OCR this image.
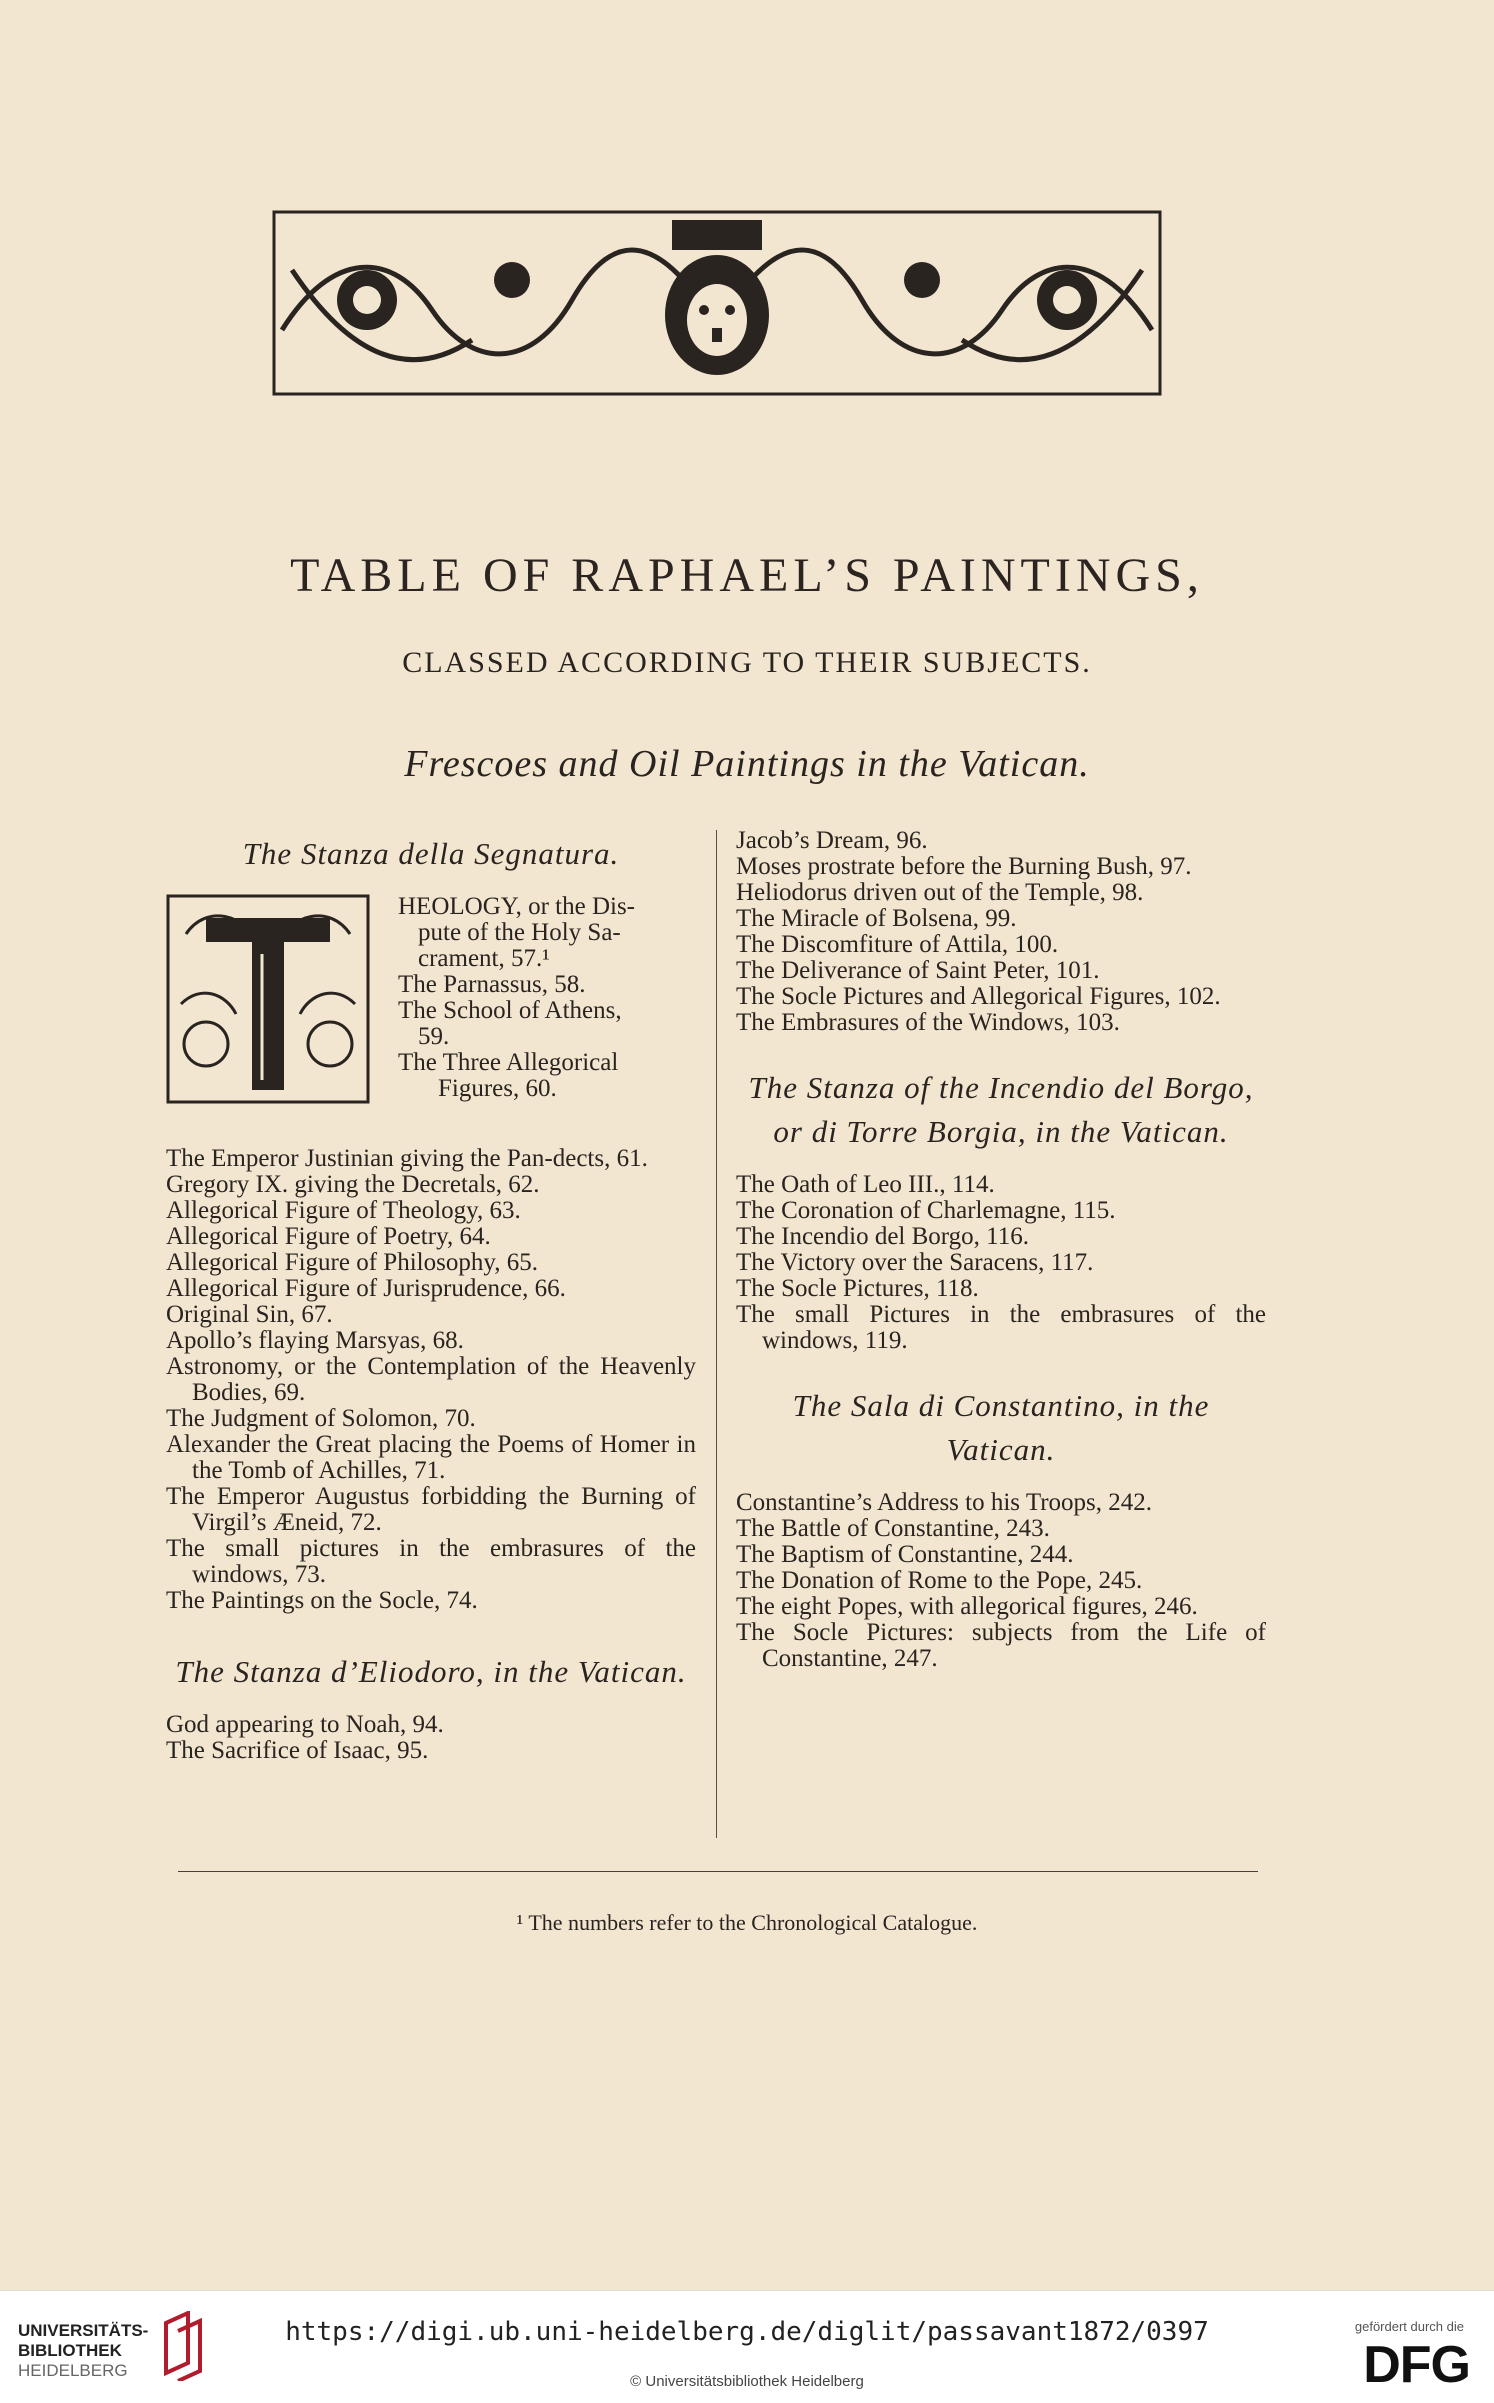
TABLE OF RAPHAEL’S PAINTINGS,
CLASSED ACCORDING TO THEIR SUBJECTS.
Frescoes and Oil Paintings in the Vatican.
The Stanza della Segnatura.
HEOLOGY, or the Dis-
pute of the Holy Sa-
crament, 57.¹
The Parnassus, 58.
The School of Athens,
59.
The Three Allegorical
Figures, 60.

The Emperor Justinian giving the Pan-dects, 61.

Gregory IX. giving the Decretals, 62.

Allegorical Figure of Theology, 63.

Allegorical Figure of Poetry, 64.

Allegorical Figure of Philosophy, 65.

Allegorical Figure of Jurisprudence, 66.

Original Sin, 67.

Apollo’s flaying Marsyas, 68.

Astronomy, or the Contemplation of the Heavenly Bodies, 69.

The Judgment of Solomon, 70.

Alexander the Great placing the Poems of Homer in the Tomb of Achilles, 71.

The Emperor Augustus forbidding the Burning of Virgil’s Æneid, 72.

The small pictures in the embrasures of the windows, 73.

The Paintings on the Socle, 74.

The Stanza d’Eliodoro, in the Vatican.

God appearing to Noah, 94.

The Sacrifice of Isaac, 95.

Jacob’s Dream, 96.

Moses prostrate before the Burning Bush, 97.

Heliodorus driven out of the Temple, 98.

The Miracle of Bolsena, 99.

The Discomfiture of Attila, 100.

The Deliverance of Saint Peter, 101.

The Socle Pictures and Allegorical Figures, 102.

The Embrasures of the Windows, 103.

The Stanza of the Incendio del Borgo, or di Torre Borgia, in the Vatican.

The Oath of Leo III., 114.

The Coronation of Charlemagne, 115.

The Incendio del Borgo, 116.

The Victory over the Saracens, 117.

The Socle Pictures, 118.

The small Pictures in the embrasures of the windows, 119.

The Sala di Constantino, in the Vatican.

Constantine’s Address to his Troops, 242.

The Battle of Constantine, 243.

The Baptism of Constantine, 244.

The Donation of Rome to the Pope, 245.

The eight Popes, with allegorical figures, 246.

The Socle Pictures: subjects from the Life of Constantine, 247.

¹ The numbers refer to the Chronological Catalogue.
UNIVERSITÄTS-
BIBLIOTHEK
HEIDELBERG
https://digi.ub.uni-heidelberg.de/diglit/passavant1872/0397
© Universitätsbibliothek Heidelberg
gefördert durch die
DFG
